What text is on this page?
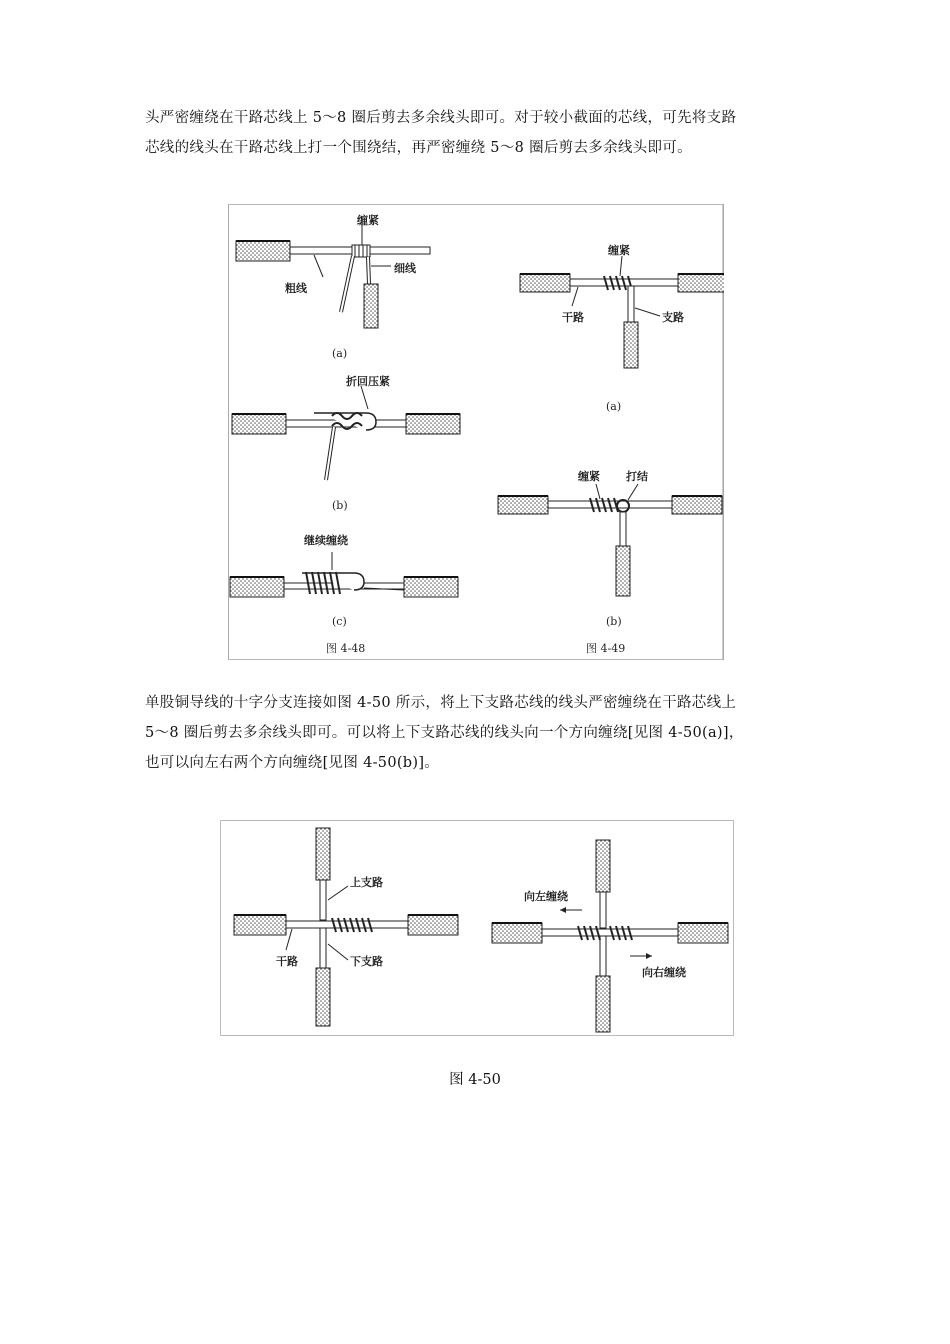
头严密缠绕在干路芯线上 5～8 圈后剪去多余线头即可。对于较小截面的芯线，可先将支路

芯线的线头在干路芯线上打一个围绕结，再严密缠绕 5～8 圈后剪去多余线头即可。

缠紧
粗线
细线
(a)
折回压紧
(b)
继续缠绕
(c)
图 4-48
缠紧
干路	支路
(a)
缠紧 打结
(b)
图 4-49

单股铜导线的十字分支连接如图 4-50 所示，将上下支路芯线的线头严密缠绕在干路芯线上

5～8 圈后剪去多余线头即可。可以将上下支路芯线的线头向一个方向缠绕[见图 4-50(a)]，

也可以向左右两个方向缠绕[见图 4-50(b)]。

上支路
干路	下支路
向左缠绕
向右缠绕
图 4-50
